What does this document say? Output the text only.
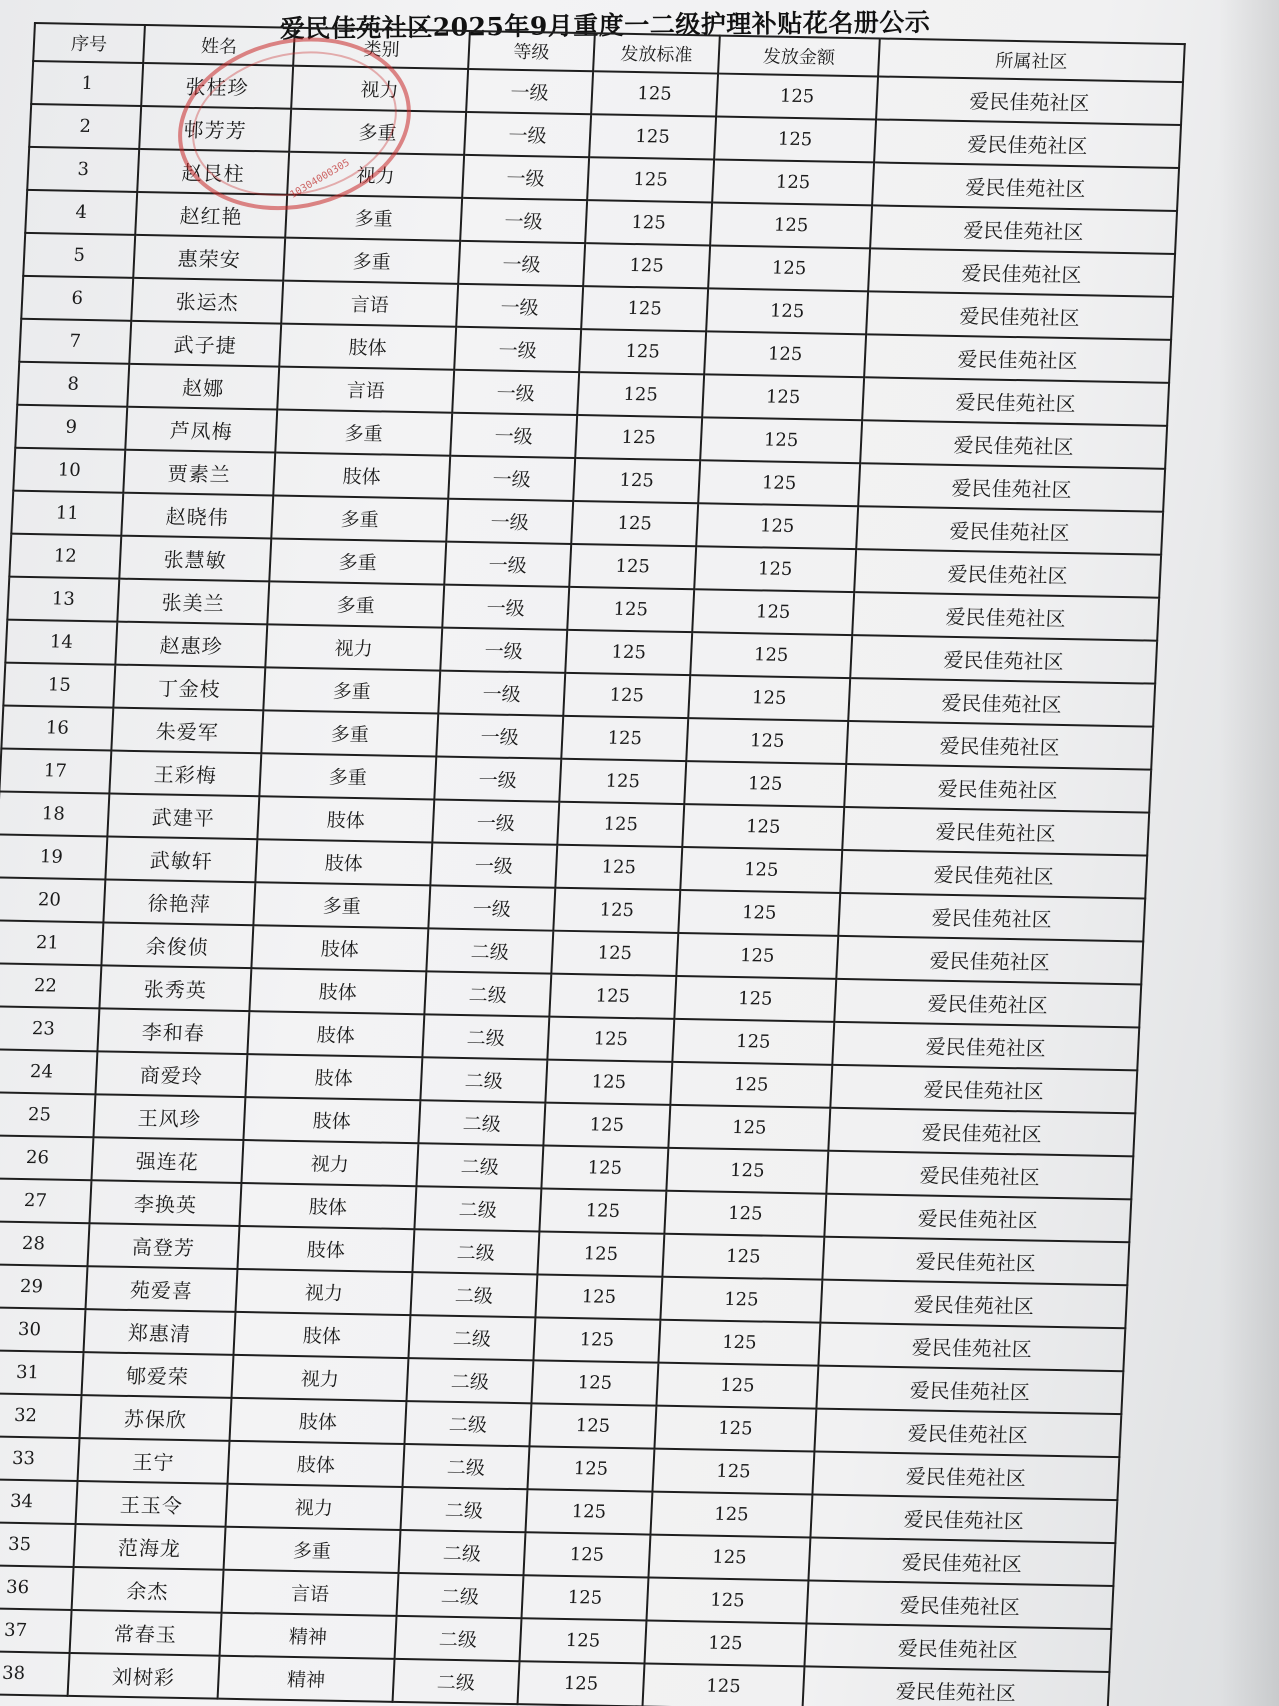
爱民佳苑社区2025年9月重度一二级护理补贴花名册公示
序号	姓名	类别	等级	发放标准	发放金额	所属社区
1	张桂珍	视力	一级	125	125	爱民佳苑社区
2	邨芳芳	多重	一级	125	125	爱民佳苑社区
3	赵艮柱	视力	一级	125	125	爱民佳苑社区
4	赵红艳	多重	一级	125	125	爱民佳苑社区
5	惠荣安	多重	一级	125	125	爱民佳苑社区
6	张运杰	言语	一级	125	125	爱民佳苑社区
7	武子捷	肢体	一级	125	125	爱民佳苑社区
8	赵娜	言语	一级	125	125	爱民佳苑社区
9	芦凤梅	多重	一级	125	125	爱民佳苑社区
10	贾素兰	肢体	一级	125	125	爱民佳苑社区
11	赵晓伟	多重	一级	125	125	爱民佳苑社区
12	张慧敏	多重	一级	125	125	爱民佳苑社区
13	张美兰	多重	一级	125	125	爱民佳苑社区
14	赵惠珍	视力	一级	125	125	爱民佳苑社区
15	丁金枝	多重	一级	125	125	爱民佳苑社区
16	朱爱军	多重	一级	125	125	爱民佳苑社区
17	王彩梅	多重	一级	125	125	爱民佳苑社区
18	武建平	肢体	一级	125	125	爱民佳苑社区
19	武敏轩	肢体	一级	125	125	爱民佳苑社区
20	徐艳萍	多重	一级	125	125	爱民佳苑社区
21	余俊侦	肢体	二级	125	125	爱民佳苑社区
22	张秀英	肢体	二级	125	125	爱民佳苑社区
23	李和春	肢体	二级	125	125	爱民佳苑社区
24	商爱玲	肢体	二级	125	125	爱民佳苑社区
25	王风珍	肢体	二级	125	125	爱民佳苑社区
26	强连花	视力	二级	125	125	爱民佳苑社区
27	李换英	肢体	二级	125	125	爱民佳苑社区
28	高登芳	肢体	二级	125	125	爱民佳苑社区
29	苑爱喜	视力	二级	125	125	爱民佳苑社区
30	郑惠清	肢体	二级	125	125	爱民佳苑社区
31	郇爱荣	视力	二级	125	125	爱民佳苑社区
32	苏保欣	肢体	二级	125	125	爱民佳苑社区
33	王宁	肢体	二级	125	125	爱民佳苑社区
34	王玉令	视力	二级	125	125	爱民佳苑社区
35	范海龙	多重	二级	125	125	爱民佳苑社区
36	余杰	言语	二级	125	125	爱民佳苑社区
37	常春玉	精神	二级	125	125	爱民佳苑社区
38	刘树彩	精神	二级	125	125	爱民佳苑社区
10304000305
